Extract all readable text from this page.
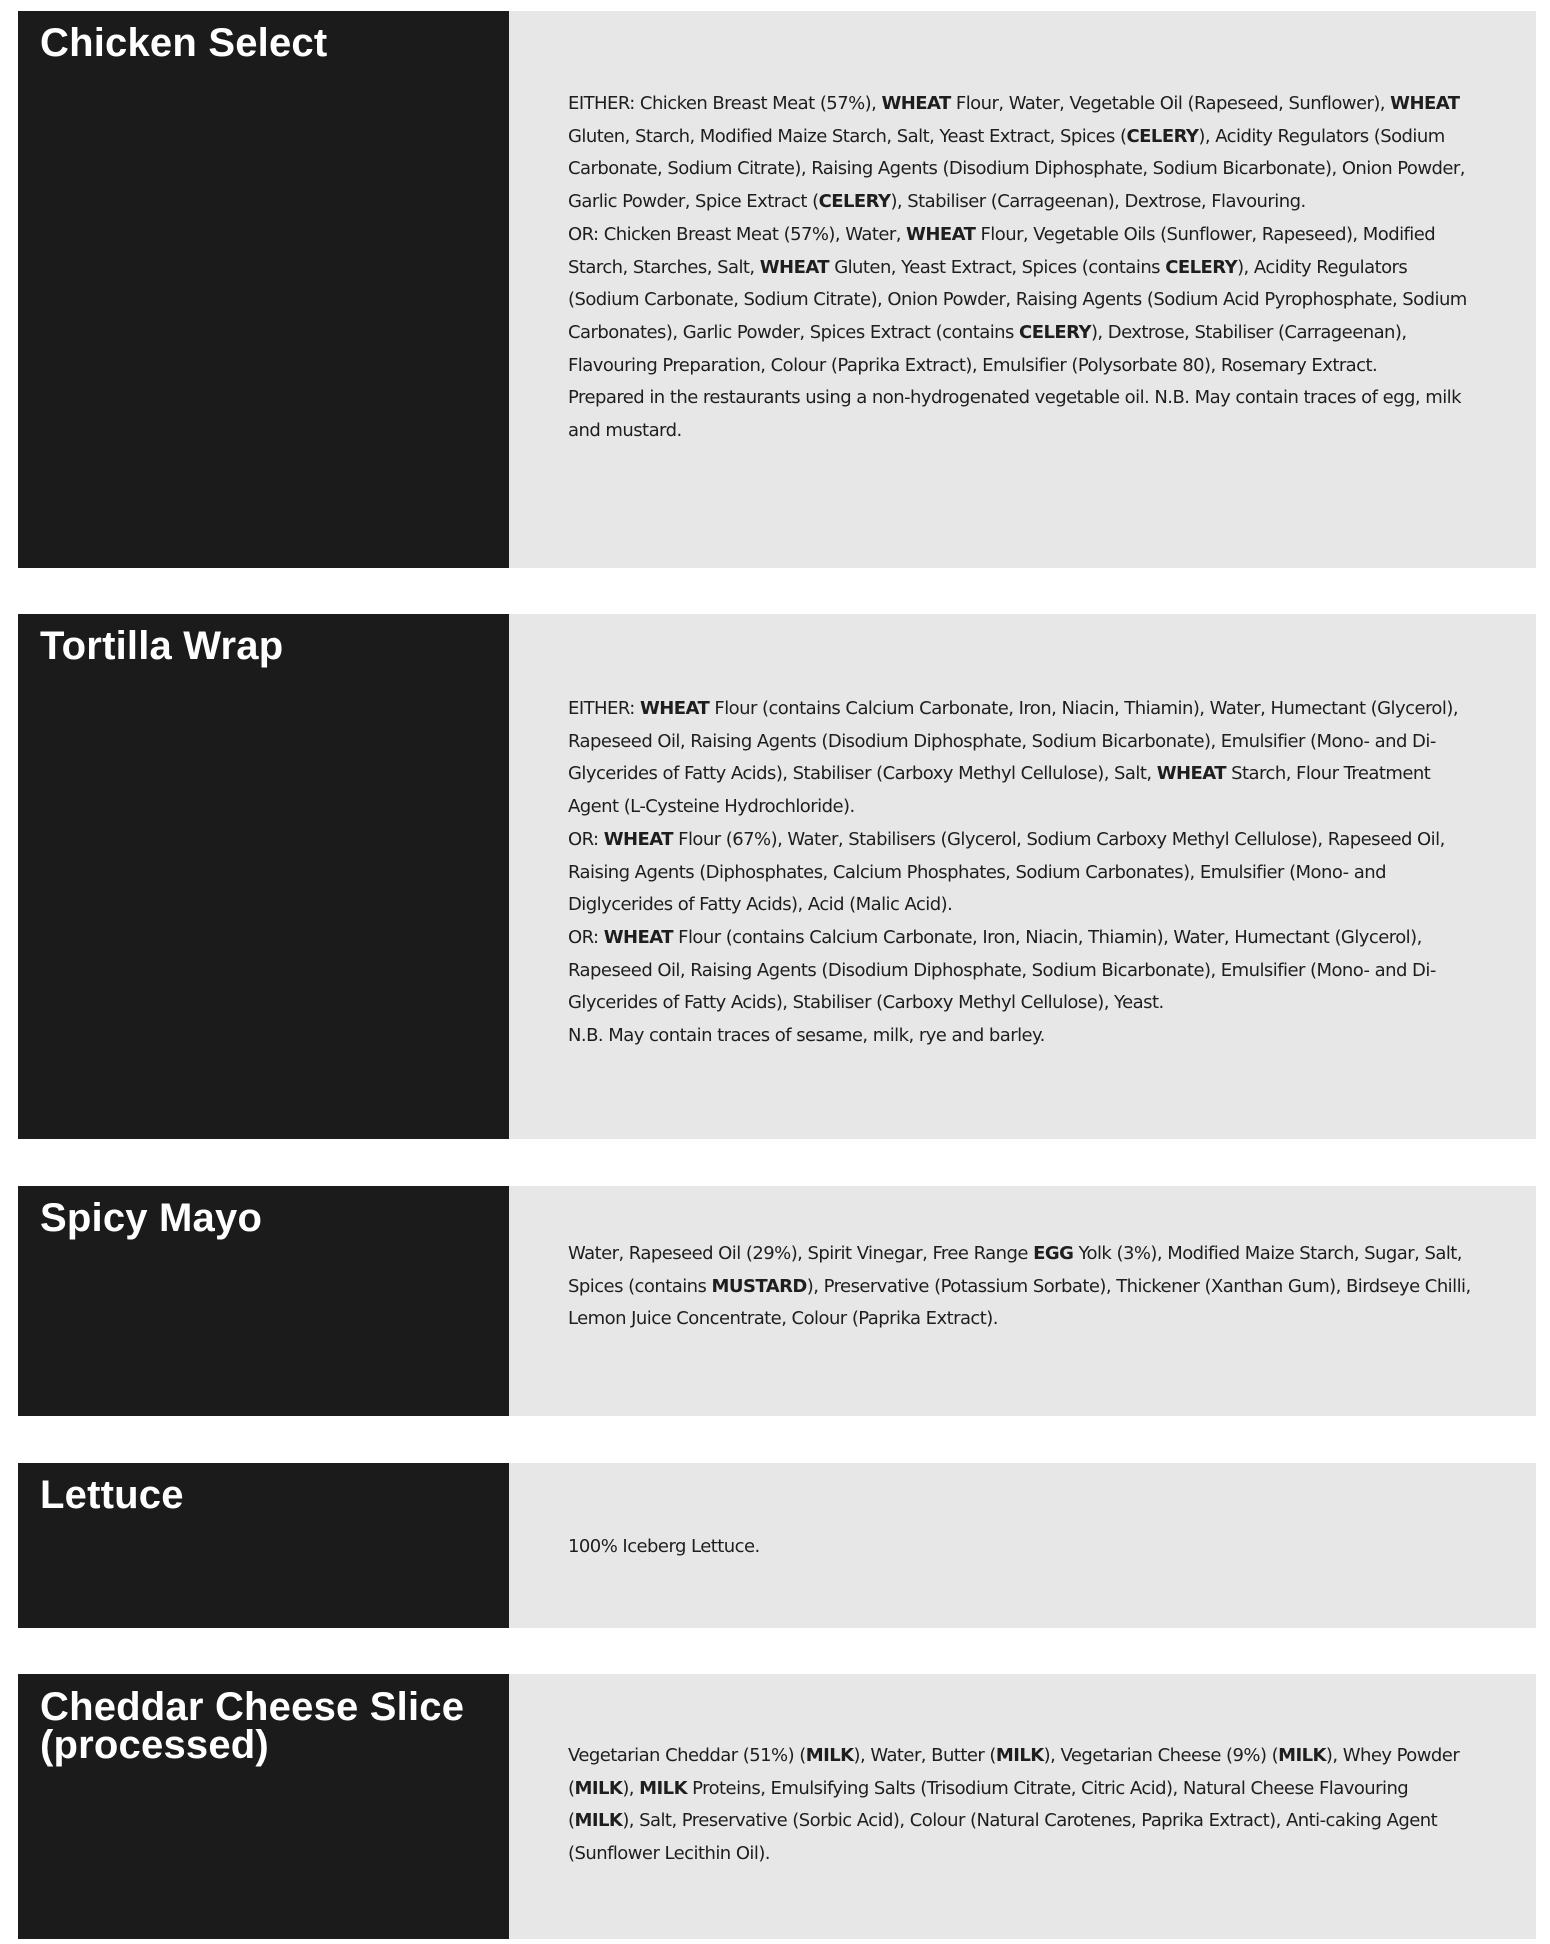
Chicken Select

EITHER: Chicken Breast Meat (57%), WHEAT Flour, Water, Vegetable Oil (Rapeseed, Sunflower), WHEAT Gluten, Starch, Modified Maize Starch, Salt, Yeast Extract, Spices (CELERY), Acidity Regulators (Sodium Carbonate, Sodium Citrate), Raising Agents (Disodium Diphosphate, Sodium Bicarbonate), Onion Powder, Garlic Powder, Spice Extract (CELERY), Stabiliser (Carrageenan), Dextrose, Flavouring.

OR: Chicken Breast Meat (57%), Water, WHEAT Flour, Vegetable Oils (Sunflower, Rapeseed), Modified Starch, Starches, Salt, WHEAT Gluten, Yeast Extract, Spices (contains CELERY), Acidity Regulators (Sodium Carbonate, Sodium Citrate), Onion Powder, Raising Agents (Sodium Acid Pyrophosphate, Sodium Carbonates), Garlic Powder, Spices Extract (contains CELERY), Dextrose, Stabiliser (Carrageenan), Flavouring Preparation, Colour (Paprika Extract), Emulsifier (Polysorbate 80), Rosemary Extract.

Prepared in the restaurants using a non-hydrogenated vegetable oil. N.B. May contain traces of egg, milk and mustard.

Tortilla Wrap

EITHER: WHEAT Flour (contains Calcium Carbonate, Iron, Niacin, Thiamin), Water, Humectant (Glycerol), Rapeseed Oil, Raising Agents (Disodium Diphosphate, Sodium Bicarbonate), Emulsifier (Mono- and Di-Glycerides of Fatty Acids), Stabiliser (Carboxy Methyl Cellulose), Salt, WHEAT Starch, Flour Treatment Agent (L-Cysteine Hydrochloride).

OR: WHEAT Flour (67%), Water, Stabilisers (Glycerol, Sodium Carboxy Methyl Cellulose), Rapeseed Oil, Raising Agents (Diphosphates, Calcium Phosphates, Sodium Carbonates), Emulsifier (Mono- and Diglycerides of Fatty Acids), Acid (Malic Acid).

OR: WHEAT Flour (contains Calcium Carbonate, Iron, Niacin, Thiamin), Water, Humectant (Glycerol), Rapeseed Oil, Raising Agents (Disodium Diphosphate, Sodium Bicarbonate), Emulsifier (Mono- and Di-Glycerides of Fatty Acids), Stabiliser (Carboxy Methyl Cellulose), Yeast.

N.B. May contain traces of sesame, milk, rye and barley.

Spicy Mayo

Water, Rapeseed Oil (29%), Spirit Vinegar, Free Range EGG Yolk (3%), Modified Maize Starch, Sugar, Salt, Spices (contains MUSTARD), Preservative (Potassium Sorbate), Thickener (Xanthan Gum), Birdseye Chilli, Lemon Juice Concentrate, Colour (Paprika Extract).

Lettuce

100% Iceberg Lettuce.

Cheddar Cheese Slice (processed)	Vegetarian Cheddar (51%) (MILK), Water, Butter (MILK), Vegetarian Cheese (9%) (MILK), Whey Powder (MILK), MILK Proteins, Emulsifying Salts (Trisodium Citrate, Citric Acid), Natural Cheese Flavouring (MILK), Salt, Preservative (Sorbic Acid), Colour (Natural Carotenes, Paprika Extract), Anti-caking Agent (Sunflower Lecithin Oil).
